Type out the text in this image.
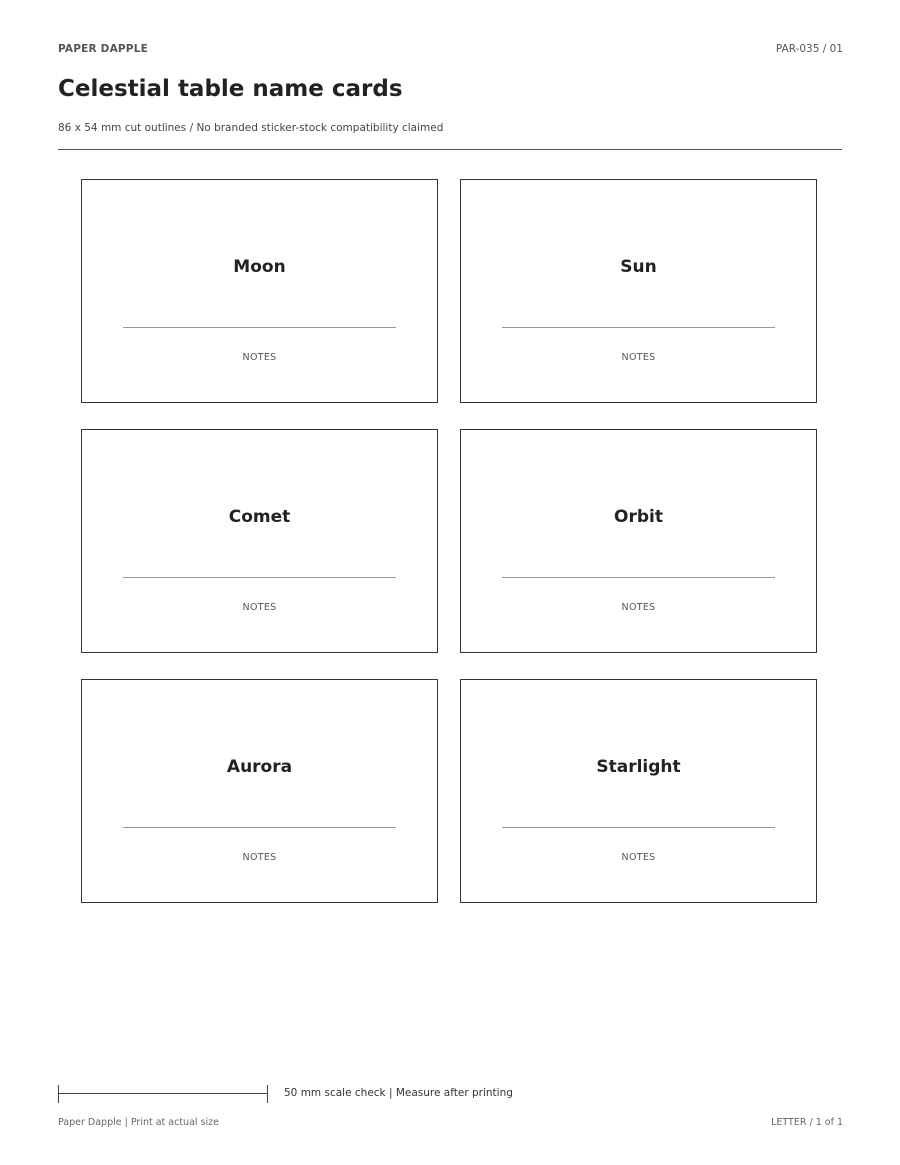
PAPER DAPPLE	PAR-035 / 01
Celestial table name cards
86 x 54 mm cut outlines / No branded sticker-stock compatibility claimed
Moon
NOTES
Sun
NOTES
Comet
NOTES
Orbit
NOTES
Aurora
NOTES
Starlight
NOTES
50 mm scale check | Measure after printing
Paper Dapple | Print at actual size	LETTER / 1 of 1
